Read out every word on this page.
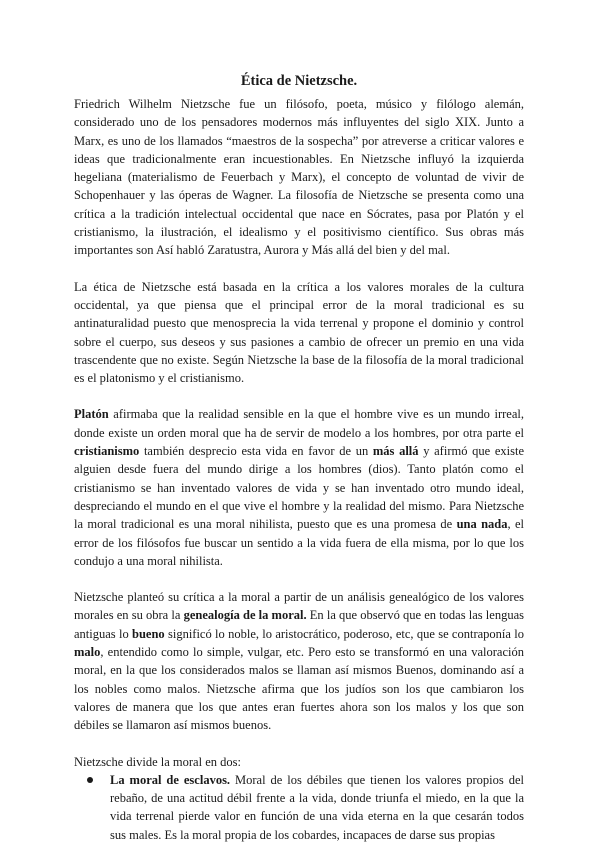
Ética de Nietzsche.

Friedrich Wilhelm Nietzsche fue un filósofo, poeta, músico y filólogo alemán, considerado uno de los pensadores modernos más influyentes del siglo XIX. Junto a Marx, es uno de los llamados “maestros de la sospecha” por atreverse a criticar valores e ideas que tradicionalmente eran incuestionables. En Nietzsche influyó la izquierda hegeliana (materialismo de Feuerbach y Marx), el concepto de voluntad de vivir de Schopenhauer y las óperas de Wagner. La filosofía de Nietzsche se presenta como una crítica a la tradición intelectual occidental que nace en Sócrates, pasa por Platón y el cristianismo, la ilustración, el idealismo y el positivismo científico. Sus obras más importantes son Así habló Zaratustra, Aurora y Más allá del bien y del mal.

La ética de Nietzsche está basada en la crítica a los valores morales de la cultura occidental, ya que piensa que el principal error de la moral tradicional es su antinaturalidad puesto que menosprecia la vida terrenal y propone el dominio y control sobre el cuerpo, sus deseos y sus pasiones a cambio de ofrecer un premio en una vida trascendente que no existe. Según Nietzsche la base de la filosofía de la moral tradicional es el platonismo y el cristianismo.

Platón afirmaba que la realidad sensible en la que el hombre vive es un mundo irreal, donde existe un orden moral que ha de servir de modelo a los hombres, por otra parte el cristianismo también desprecio esta vida en favor de un más allá y afirmó que existe alguien desde fuera del mundo dirige a los hombres (dios). Tanto platón como el cristianismo se han inventado valores de vida y se han inventado otro mundo ideal, despreciando el mundo en el que vive el hombre y la realidad del mismo. Para Nietzsche la moral tradicional es una moral nihilista, puesto que es una promesa de una nada, el error de los filósofos fue buscar un sentido a la vida fuera de ella misma, por lo que los condujo a una moral nihilista.

Nietzsche planteó su crítica a la moral a partir de un análisis genealógico de los valores morales en su obra la genealogía de la moral. En la que observó que en todas las lenguas antiguas lo bueno significó lo noble, lo aristocrático, poderoso, etc, que se contraponía lo malo, entendido como lo simple, vulgar, etc. Pero esto se transformó en una valoración moral, en la que los considerados malos se llaman así mismos Buenos, dominando así a los nobles como malos. Nietzsche afirma que los judíos son los que cambiaron los valores de manera que los que antes eran fuertes ahora son los malos y los que son débiles se llamaron así mismos buenos.

Nietzsche divide la moral en dos:

La moral de esclavos. Moral de los débiles que tienen los valores propios del rebaño, de una actitud débil frente a la vida, donde triunfa el miedo, en la que la vida terrenal pierde valor en función de una vida eterna en la que cesarán todos sus males. Es la moral propia de los cobardes, incapaces de darse sus propias
